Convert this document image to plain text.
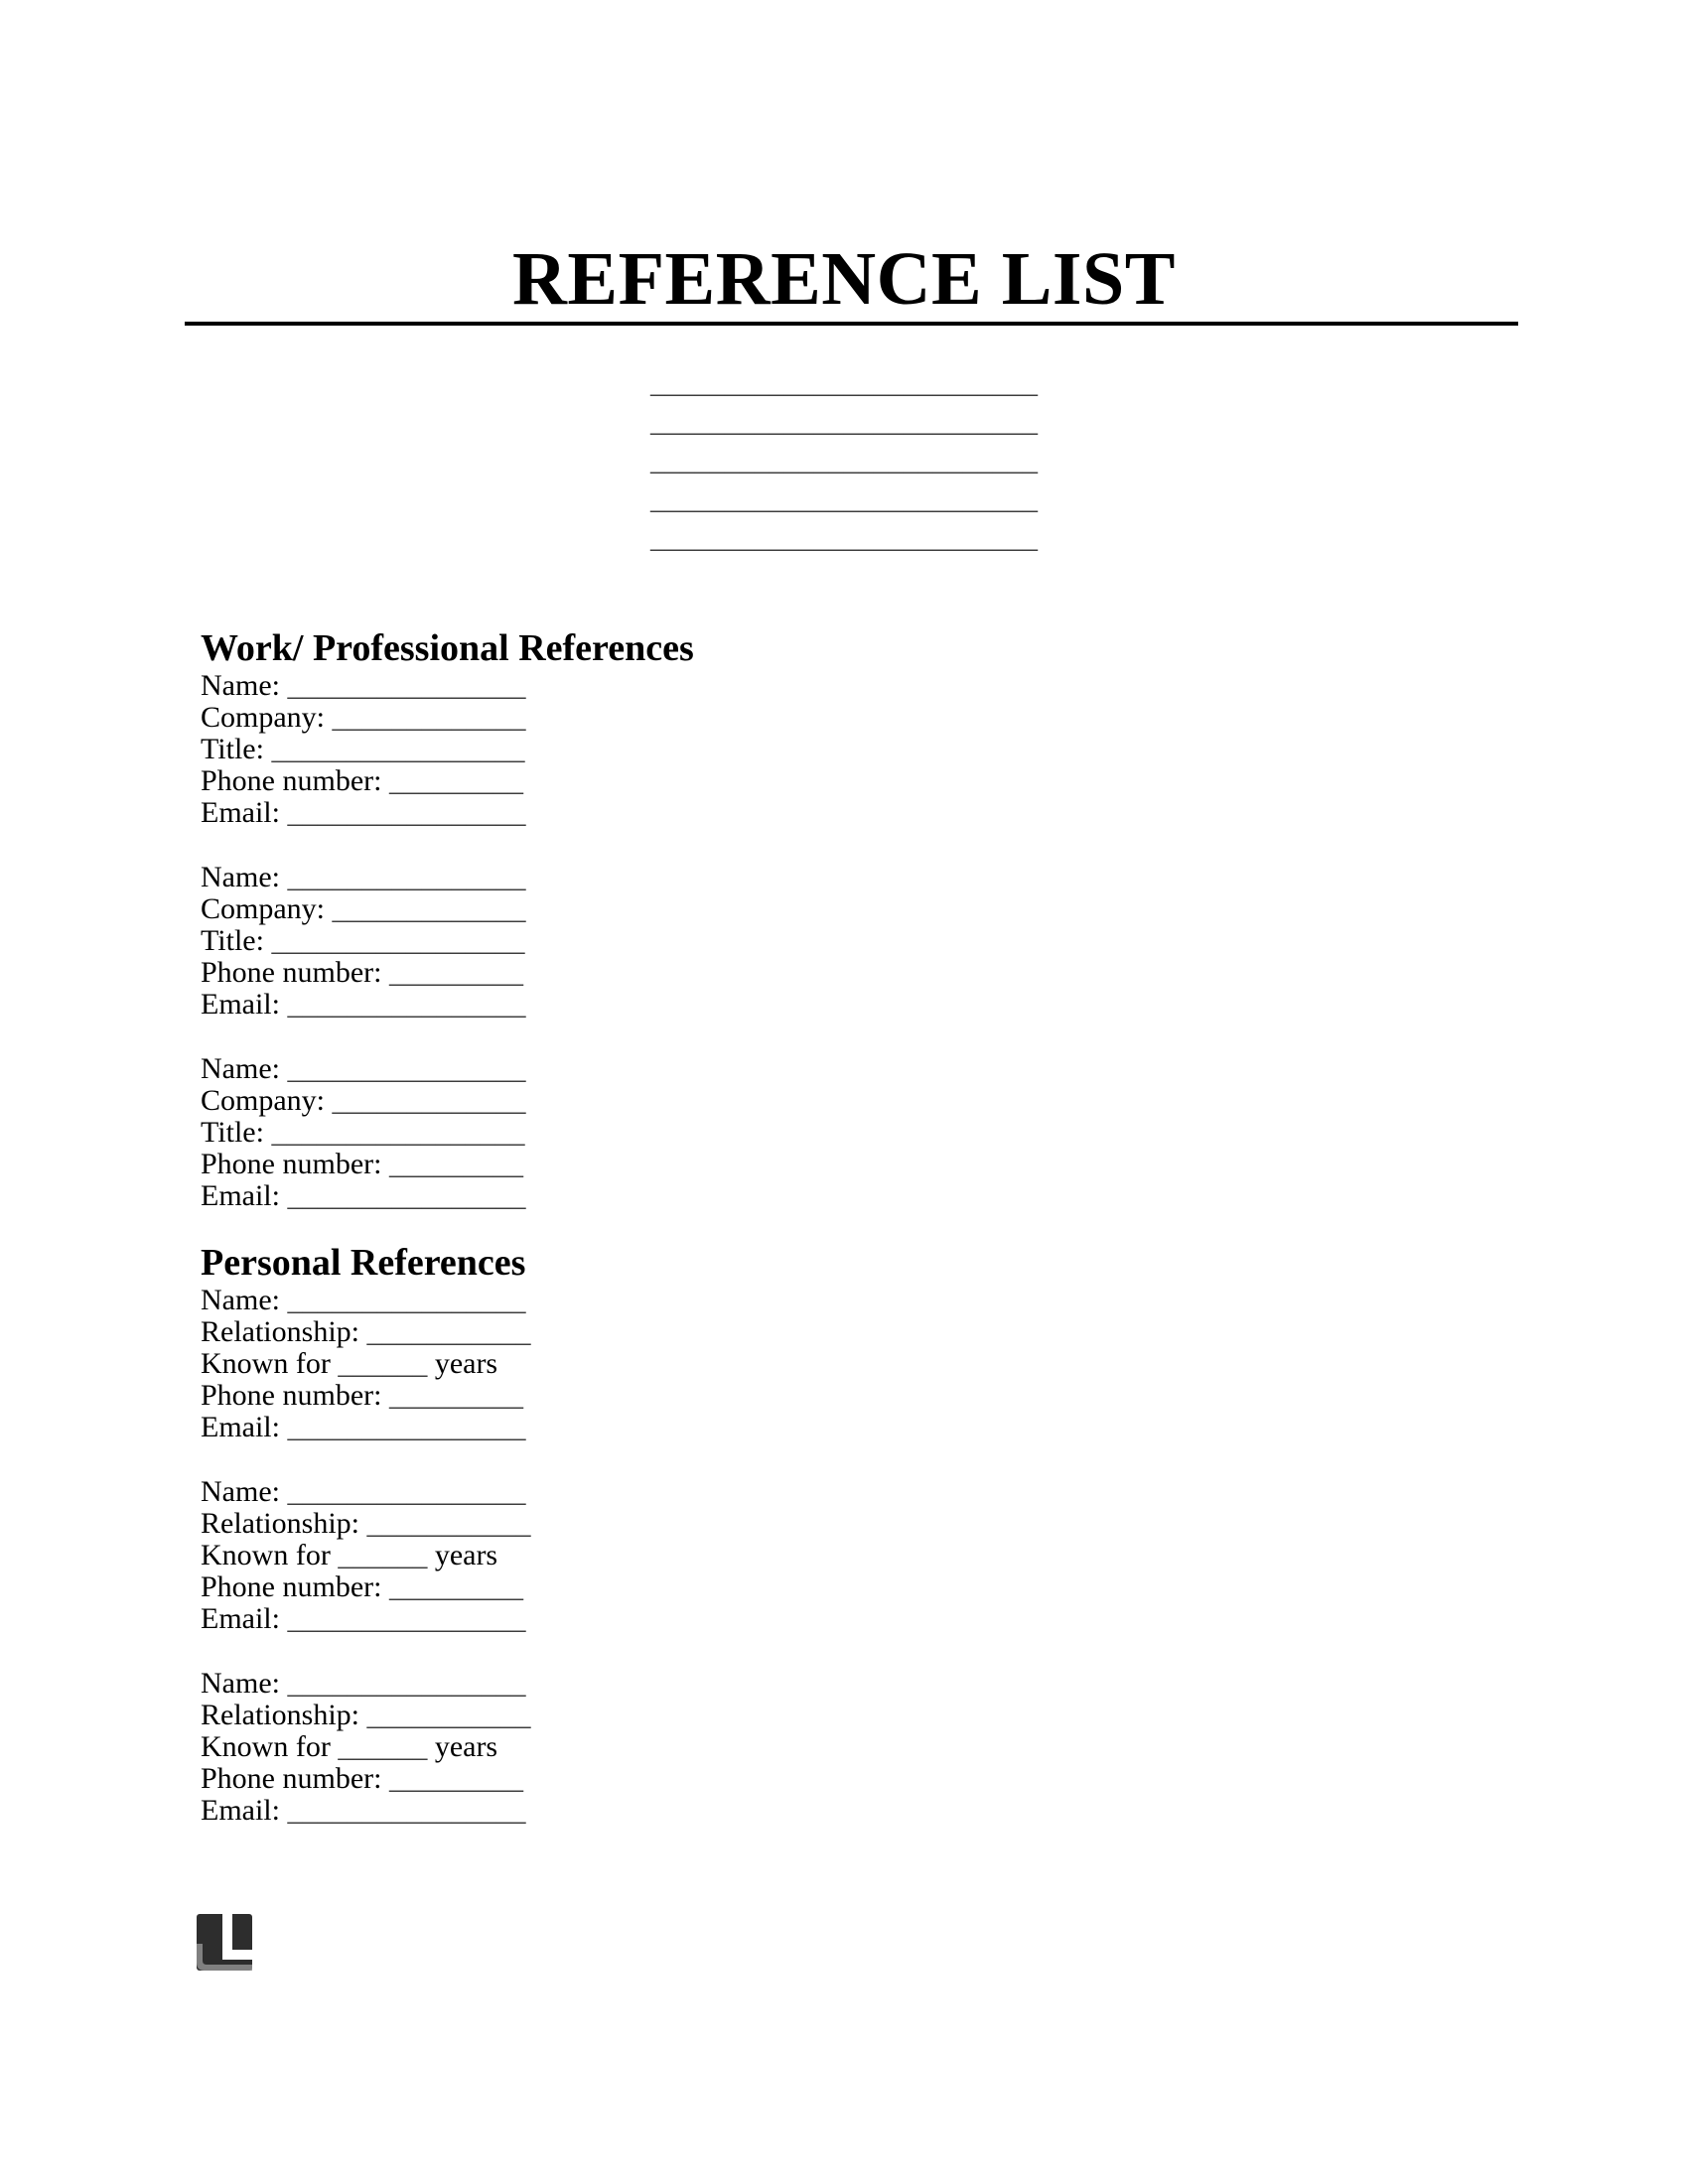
REFERENCE LIST
__________________________
__________________________
__________________________
__________________________
__________________________
Work/ Professional References
Name: ________________
Company: _____________
Title: _________________
Phone number: _________
Email: ________________
Name: ________________
Company: _____________
Title: _________________
Phone number: _________
Email: ________________
Name: ________________
Company: _____________
Title: _________________
Phone number: _________
Email: ________________
Personal References
Name: ________________
Relationship: ___________
Known for ______ years
Phone number: _________
Email: ________________
Name: ________________
Relationship: ___________
Known for ______ years
Phone number: _________
Email: ________________
Name: ________________
Relationship: ___________
Known for ______ years
Phone number: _________
Email: ________________
